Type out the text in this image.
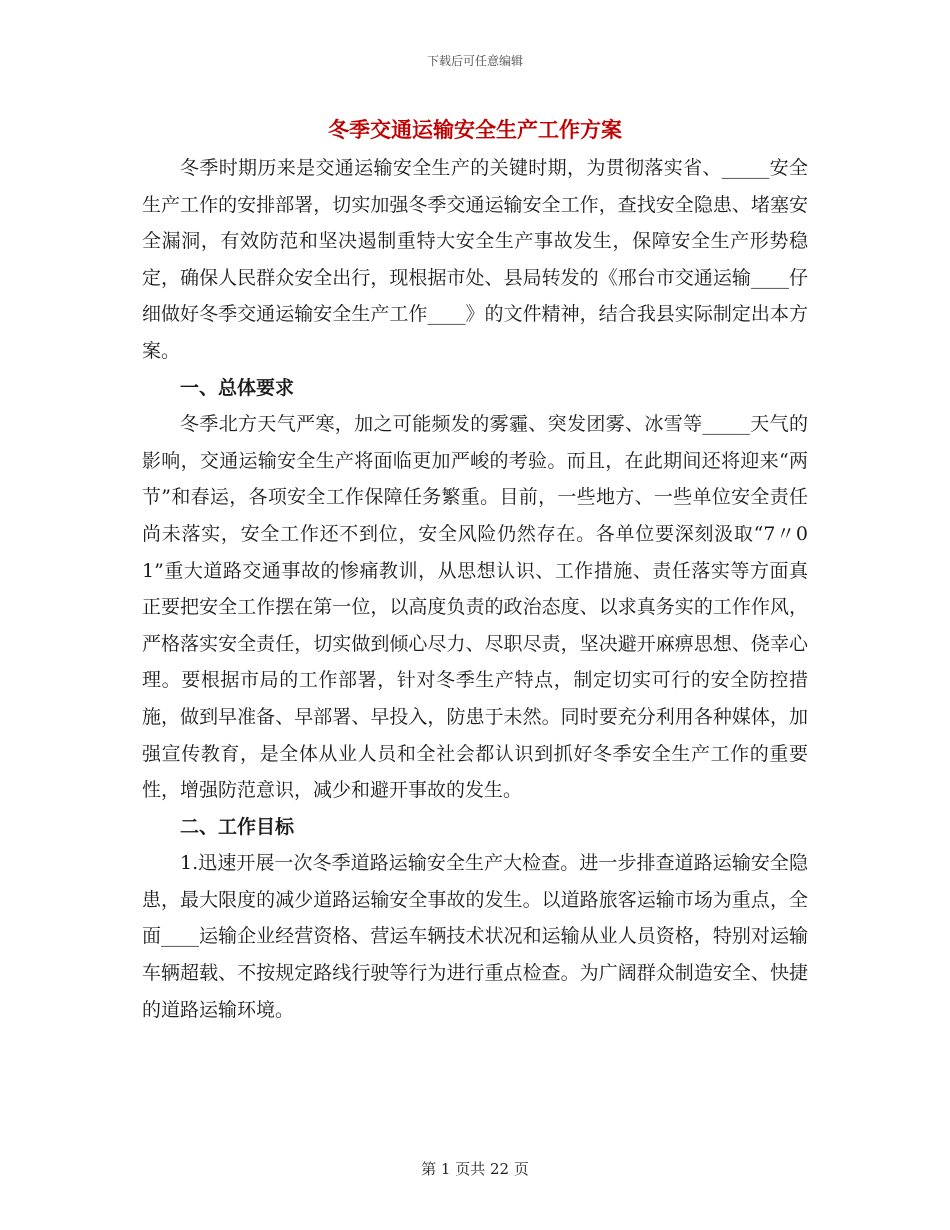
下载后可任意编辑
冬季交通运输安全生产工作方案

冬季时期历来是交通运输安全生产的关键时期，为贯彻落实省、_____安全生产工作的安排部署，切实加强冬季交通运输安全工作，查找安全隐患、堵塞安全漏洞，有效防范和坚决遏制重特大安全生产事故发生，保障安全生产形势稳定，确保人民群众安全出行，现根据市处、县局转发的《邢台市交通运输____仔细做好冬季交通运输安全生产工作____》的文件精神，结合我县实际制定出本方案。

一、总体要求

冬季北方天气严寒，加之可能频发的雾霾、突发团雾、冰雪等_____天气的影响，交通运输安全生产将面临更加严峻的考验。而且，在此期间还将迎来“两节”和春运，各项安全工作保障任务繁重。目前，一些地方、一些单位安全责任尚未落实，安全工作还不到位，安全风险仍然存在。各单位要深刻汲取“7〃01”重大道路交通事故的惨痛教训，从思想认识、工作措施、责任落实等方面真正要把安全工作摆在第一位，以高度负责的政治态度、以求真务实的工作作风，严格落实安全责任，切实做到倾心尽力、尽职尽责，坚决避开麻痹思想、侥幸心理。要根据市局的工作部署，针对冬季生产特点，制定切实可行的安全防控措施，做到早准备、早部署、早投入，防患于未然。同时要充分利用各种媒体，加强宣传教育，是全体从业人员和全社会都认识到抓好冬季安全生产工作的重要性，增强防范意识，减少和避开事故的发生。

二、工作目标

1.迅速开展一次冬季道路运输安全生产大检查。进一步排查道路运输安全隐患，最大限度的减少道路运输安全事故的发生。以道路旅客运输市场为重点，全面____运输企业经营资格、营运车辆技术状况和运输从业人员资格，特别对运输车辆超载、不按规定路线行驶等行为进行重点检查。为广阔群众制造安全、快捷的道路运输环境。

第 1 页共 22 页
